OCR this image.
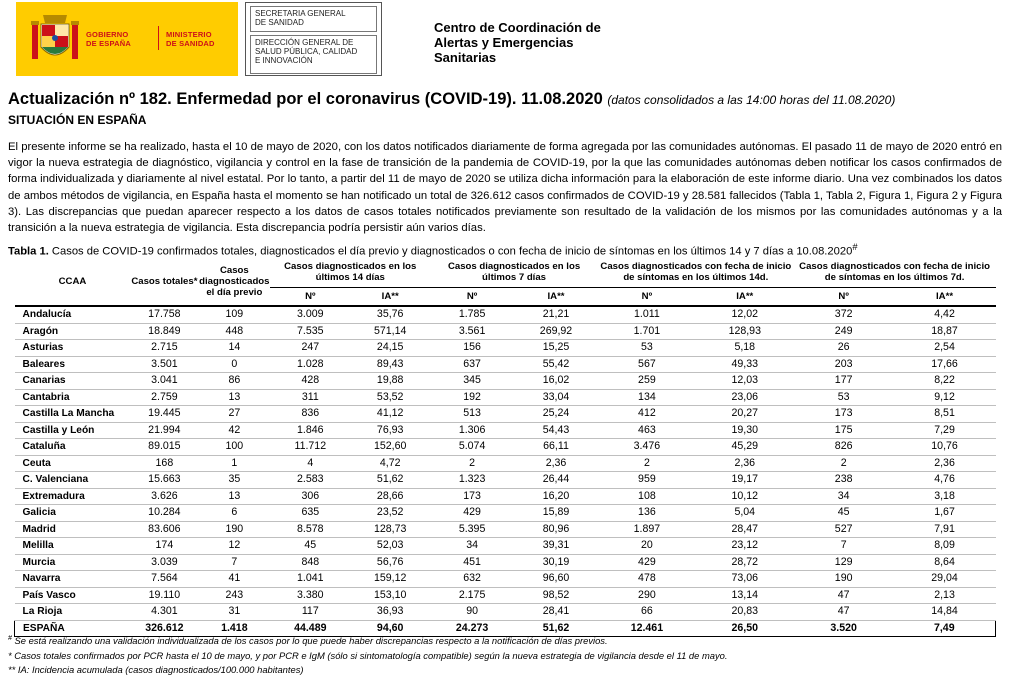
GOBIERNO
DE ESPAÑA
MINISTERIO
DE SANIDAD
SECRETARIA GENERAL
DE SANIDAD
DIRECCIÓN GENERAL DE
SALUD PÚBLICA, CALIDAD
E INNOVACIÓN
Centro de Coordinación de
Alertas y Emergencias
Sanitarias
Actualización nº 182. Enfermedad por el coronavirus (COVID-19). 11.08.2020 (datos consolidados a las 14:00 horas del 11.08.2020)
SITUACIÓN EN ESPAÑA
El presente informe se ha realizado, hasta el 10 de mayo de 2020, con los datos notificados diariamente de forma agregada por las comunidades autónomas. El pasado 11 de mayo de 2020 entró en vigor la nueva estrategia de diagnóstico, vigilancia y control en la fase de transición de la pandemia de COVID-19, por la que las comunidades autónomas deben notificar los casos confirmados de forma individualizada y diariamente al nivel estatal. Por lo tanto, a partir del 11 de mayo de 2020 se utiliza dicha información para la elaboración de este informe diario. Una vez combinados los datos de ambos métodos de vigilancia, en España hasta el momento se han notificado un total de 326.612 casos confirmados de COVID-19 y 28.581 fallecidos (Tabla 1, Tabla 2, Figura 1, Figura 2 y Figura 3). Las discrepancias que puedan aparecer respecto a los datos de casos totales notificados previamente son resultado de la validación de los mismos por las comunidades autónomas y a la transición a la nueva estrategia de vigilancia. Esta discrepancia podría persistir aún varios días.
Tabla 1. Casos de COVID-19 confirmados totales, diagnosticados el día previo y diagnosticados o con fecha de inicio de síntomas en los últimos 14 y 7 días a 10.08.2020#
CCAA	Casos totales*	Casos diagnosticados el día previo	Casos diagnosticados en los últimos 14 días		Casos diagnosticados en los últimos 7 días		Casos diagnosticados con fecha de inicio de síntomas en los últimos 14d.		Casos diagnosticados con fecha de inicio de síntomas en los últimos 7d.	
			Nº	IA**	Nº	IA**	Nº	IA**	Nº	IA**
Andalucía	17.758	109	3.009	35,76	1.785	21,21	1.011	12,02	372	4,42
Aragón	18.849	448	7.535	571,14	3.561	269,92	1.701	128,93	249	18,87
Asturias	2.715	14	247	24,15	156	15,25	53	5,18	26	2,54
Baleares	3.501	0	1.028	89,43	637	55,42	567	49,33	203	17,66
Canarias	3.041	86	428	19,88	345	16,02	259	12,03	177	8,22
Cantabria	2.759	13	311	53,52	192	33,04	134	23,06	53	9,12
Castilla La Mancha	19.445	27	836	41,12	513	25,24	412	20,27	173	8,51
Castilla y León	21.994	42	1.846	76,93	1.306	54,43	463	19,30	175	7,29
Cataluña	89.015	100	11.712	152,60	5.074	66,11	3.476	45,29	826	10,76
Ceuta	168	1	4	4,72	2	2,36	2	2,36	2	2,36
C. Valenciana	15.663	35	2.583	51,62	1.323	26,44	959	19,17	238	4,76
Extremadura	3.626	13	306	28,66	173	16,20	108	10,12	34	3,18
Galicia	10.284	6	635	23,52	429	15,89	136	5,04	45	1,67
Madrid	83.606	190	8.578	128,73	5.395	80,96	1.897	28,47	527	7,91
Melilla	174	12	45	52,03	34	39,31	20	23,12	7	8,09
Murcia	3.039	7	848	56,76	451	30,19	429	28,72	129	8,64
Navarra	7.564	41	1.041	159,12	632	96,60	478	73,06	190	29,04
País Vasco	19.110	243	3.380	153,10	2.175	98,52	290	13,14	47	2,13
La Rioja	4.301	31	117	36,93	90	28,41	66	20,83	47	14,84
ESPAÑA	326.612	1.418	44.489	94,60	24.273	51,62	12.461	26,50	3.520	7,49
# Se está realizando una validación individualizada de los casos por lo que puede haber discrepancias respecto a la notificación de días previos.
* Casos totales confirmados por PCR hasta el 10 de mayo, y por PCR e IgM (sólo si sintomatología compatible) según la nueva estrategia de vigilancia desde el 11 de mayo.
** IA: Incidencia acumulada (casos diagnosticados/100.000 habitantes)
